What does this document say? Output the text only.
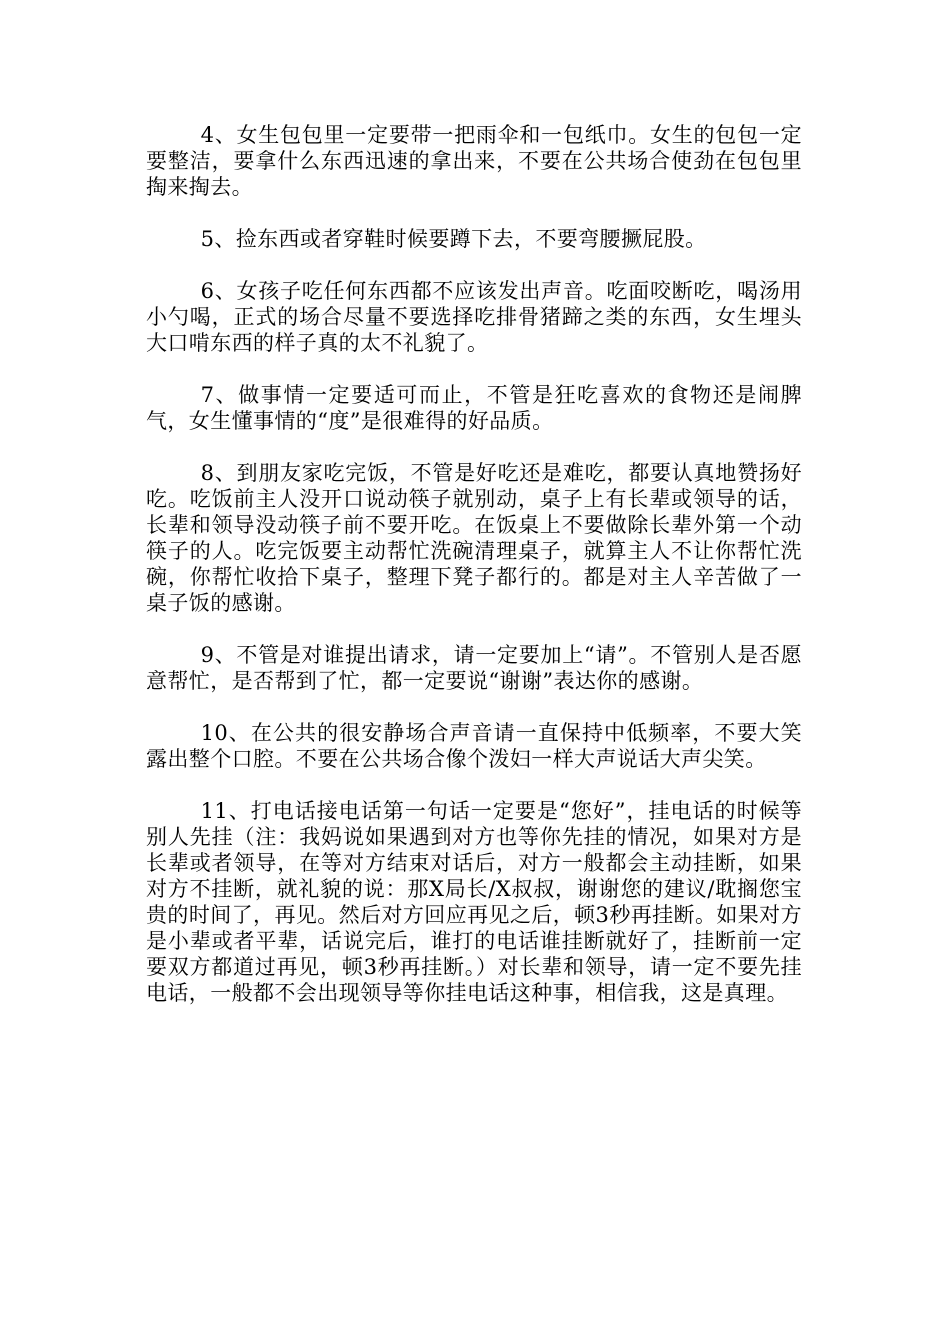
4、女生包包里一定要带一把雨伞和一包纸巾。女生的包包一定要整洁，要拿什么东西迅速的拿出来，不要在公共场合使劲在包包里掏来掏去。

5、捡东西或者穿鞋时候要蹲下去，不要弯腰撅屁股。

6、女孩子吃任何东西都不应该发出声音。吃面咬断吃，喝汤用小勺喝，正式的场合尽量不要选择吃排骨猪蹄之类的东西，女生埋头大口啃东西的样子真的太不礼貌了。

7、做事情一定要适可而止，不管是狂吃喜欢的食物还是闹脾气，女生懂事情的“度”是很难得的好品质。

8、到朋友家吃完饭，不管是好吃还是难吃，都要认真地赞扬好吃。吃饭前主人没开口说动筷子就别动，桌子上有长辈或领导的话，长辈和领导没动筷子前不要开吃。在饭桌上不要做除长辈外第一个动筷子的人。吃完饭要主动帮忙洗碗清理桌子，就算主人不让你帮忙洗碗，你帮忙收拾下桌子，整理下凳子都行的。都是对主人辛苦做了一桌子饭的感谢。

9、不管是对谁提出请求，请一定要加上“请”。不管别人是否愿意帮忙，是否帮到了忙，都一定要说“谢谢”表达你的感谢。

10、在公共的很安静场合声音请一直保持中低频率，不要大笑露出整个口腔。不要在公共场合像个泼妇一样大声说话大声尖笑。

11、打电话接电话第一句话一定要是“您好”，挂电话的时候等别人先挂（注：我妈说如果遇到对方也等你先挂的情况，如果对方是长辈或者领导，在等对方结束对话后，对方一般都会主动挂断，如果对方不挂断，就礼貌的说：那X局长/X叔叔，谢谢您的建议/耽搁您宝贵的时间了，再见。然后对方回应再见之后，顿3秒再挂断。如果对方是小辈或者平辈，话说完后，谁打的电话谁挂断就好了，挂断前一定要双方都道过再见，顿3秒再挂断。）对长辈和领导，请一定不要先挂电话，一般都不会出现领导等你挂电话这种事，相信我，这是真理。
